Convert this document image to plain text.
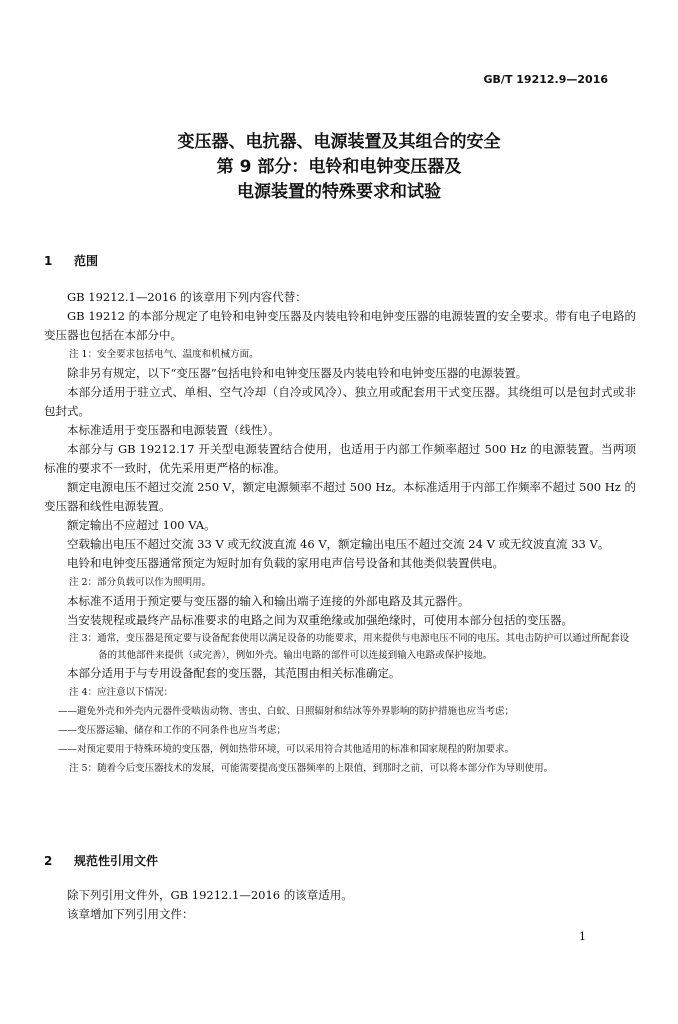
GB/T 19212.9—2016
变压器、电抗器、电源装置及其组合的安全
第 9 部分：电铃和电钟变压器及
电源装置的特殊要求和试验
1 范围
GB 19212.1—2016 的该章用下列内容代替：
GB 19212 的本部分规定了电铃和电钟变压器及内装电铃和电钟变压器的电源装置的安全要求。带有电子电路的变压器也包括在本部分中。
注 1：安全要求包括电气、温度和机械方面。
除非另有规定，以下“变压器”包括电铃和电钟变压器及内装电铃和电钟变压器的电源装置。
本部分适用于驻立式、单相、空气冷却（自冷或风冷）、独立用或配套用干式变压器。其绕组可以是包封式或非包封式。
本标准适用于变压器和电源装置（线性）。
本部分与 GB 19212.17 开关型电源装置结合使用，也适用于内部工作频率超过 500 Hz 的电源装置。当两项标准的要求不一致时，优先采用更严格的标准。
额定电源电压不超过交流 250 V，额定电源频率不超过 500 Hz。本标准适用于内部工作频率不超过 500 Hz 的变压器和线性电源装置。
额定输出不应超过 100 VA。
空载输出电压不超过交流 33 V 或无纹波直流 46 V，额定输出电压不超过交流 24 V 或无纹波直流 33 V。
电铃和电钟变压器通常预定为短时加有负载的家用电声信号设备和其他类似装置供电。
注 2：部分负载可以作为照明用。
本标准不适用于预定要与变压器的输入和输出端子连接的外部电路及其元器件。
当安装规程或最终产品标准要求的电路之间为双重绝缘或加强绝缘时，可使用本部分包括的变压器。
注 3：通常，变压器是预定要与设备配套使用以满足设备的功能要求，用来提供与电源电压不同的电压。其电击防护可以通过所配套设备的其他部件来提供（或完善），例如外壳。输出电路的部件可以连接到输入电路或保护接地。
本部分适用于与专用设备配套的变压器，其范围由相关标准确定。
注 4：应注意以下情况：
——避免外壳和外壳内元器件受啮齿动物、害虫、白蚁、日照辐射和结冰等外界影响的防护措施也应当考虑；
——变压器运输、储存和工作的不同条件也应当考虑；
——对预定要用于特殊环境的变压器，例如热带环境，可以采用符合其他适用的标准和国家规程的附加要求。
注 5：随着今后变压器技术的发展，可能需要提高变压器频率的上限值，到那时之前，可以将本部分作为导则使用。
2 规范性引用文件
除下列引用文件外，GB 19212.1—2016 的该章适用。
该章增加下列引用文件：
1
